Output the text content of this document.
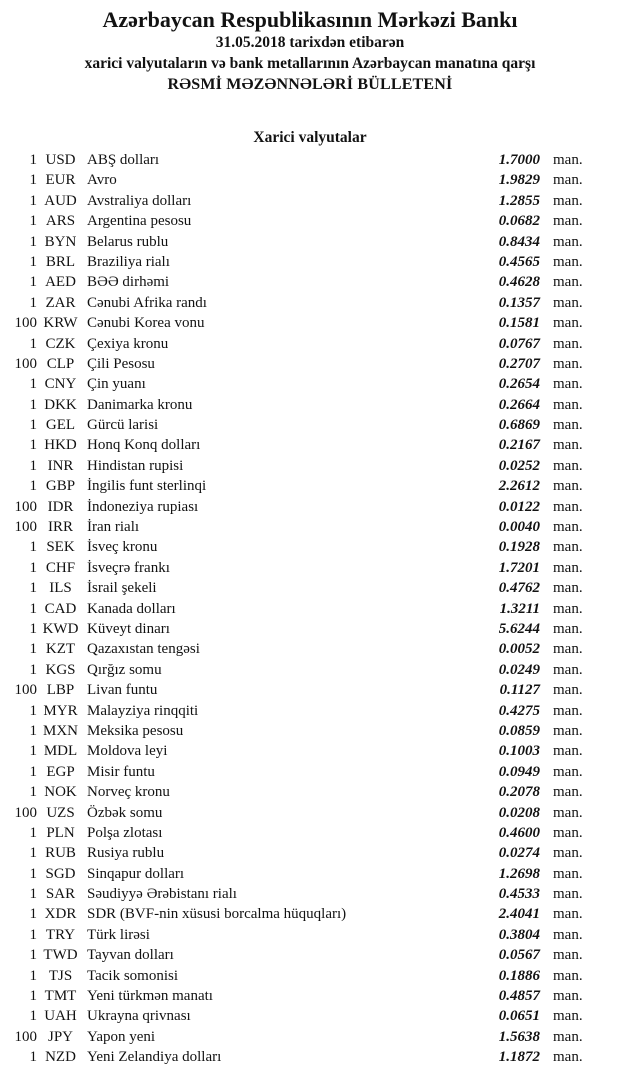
Azərbaycan Respublikasının Mərkəzi Bankı
31.05.2018 tarixdən etibarən
xarici valyutaların və bank metallarının Azərbaycan manatına qarşı
RƏSMİ MƏZƏNNƏLƏRİ BÜLLETENİ
Xarici valyutalar
1 USD ABŞ dolları	1.7000 man.
1 EUR Avro	1.9829 man.
1 AUD Avstraliya dolları	1.2855 man.
1 ARS Argentina pesosu	0.0682 man.
1 BYN Belarus rublu	0.8434 man.
1 BRL Braziliya rialı	0.4565 man.
1 AED BƏƏ dirhəmi	0.4628 man.
1 ZAR Cənubi Afrika randı	0.1357 man.
100 KRW Cənubi Korea vonu	0.1581 man.
1 CZK Çexiya kronu	0.0767 man.
100 CLP Çili Pesosu	0.2707 man.
1 CNY Çin yuanı	0.2654 man.
1 DKK Danimarka kronu	0.2664 man.
1 GEL Gürcü larisi	0.6869 man.
1 HKD Honq Konq dolları	0.2167 man.
1 INR Hindistan rupisi	0.0252 man.
1 GBP İngilis funt sterlinqi	2.2612 man.
100 IDR İndoneziya rupiası	0.0122 man.
100 IRR İran rialı	0.0040 man.
1 SEK İsveç kronu	0.1928 man.
1 CHF İsveçrə frankı	1.7201 man.
1 ILS	İsrail şekeli	0.4762 man.
1 CAD Kanada dolları	1.3211 man.
1 KWD Küveyt dinarı	5.6244 man.
1 KZT Qazaxıstan tengəsi	0.0052 man.
1 KGS Qırğız somu	0.0249 man.
100 LBP Livan funtu	0.1127 man.
1 MYR Malayziya rinqqiti	0.4275 man.
1 MXN Meksika pesosu	0.0859 man.
1 MDL Moldova leyi	0.1003 man.
1 EGP Misir funtu	0.0949 man.
1 NOK Norveç kronu	0.2078 man.
100 UZS Özbək somu	0.0208 man.
1 PLN Polşa zlotası	0.4600 man.
1 RUB Rusiya rublu	0.0274 man.
1 SGD Sinqapur dolları	1.2698 man.
1 SAR Səudiyyə Ərəbistanı rialı	0.4533 man.
1 XDR SDR (BVF-nin xüsusi borcalma hüquqları)	2.4041 man.
1 TRY Türk lirəsi	0.3804 man.
1 TWD Tayvan dolları	0.0567 man.
1 TJS Tacik somonisi	0.1886 man.
1 TMT Yeni türkmən manatı	0.4857 man.
1 UAH Ukrayna qrivnası	0.0651 man.
100 JPY Yapon yeni	1.5638 man.
1 NZD Yeni Zelandiya dolları	1.1872 man.
